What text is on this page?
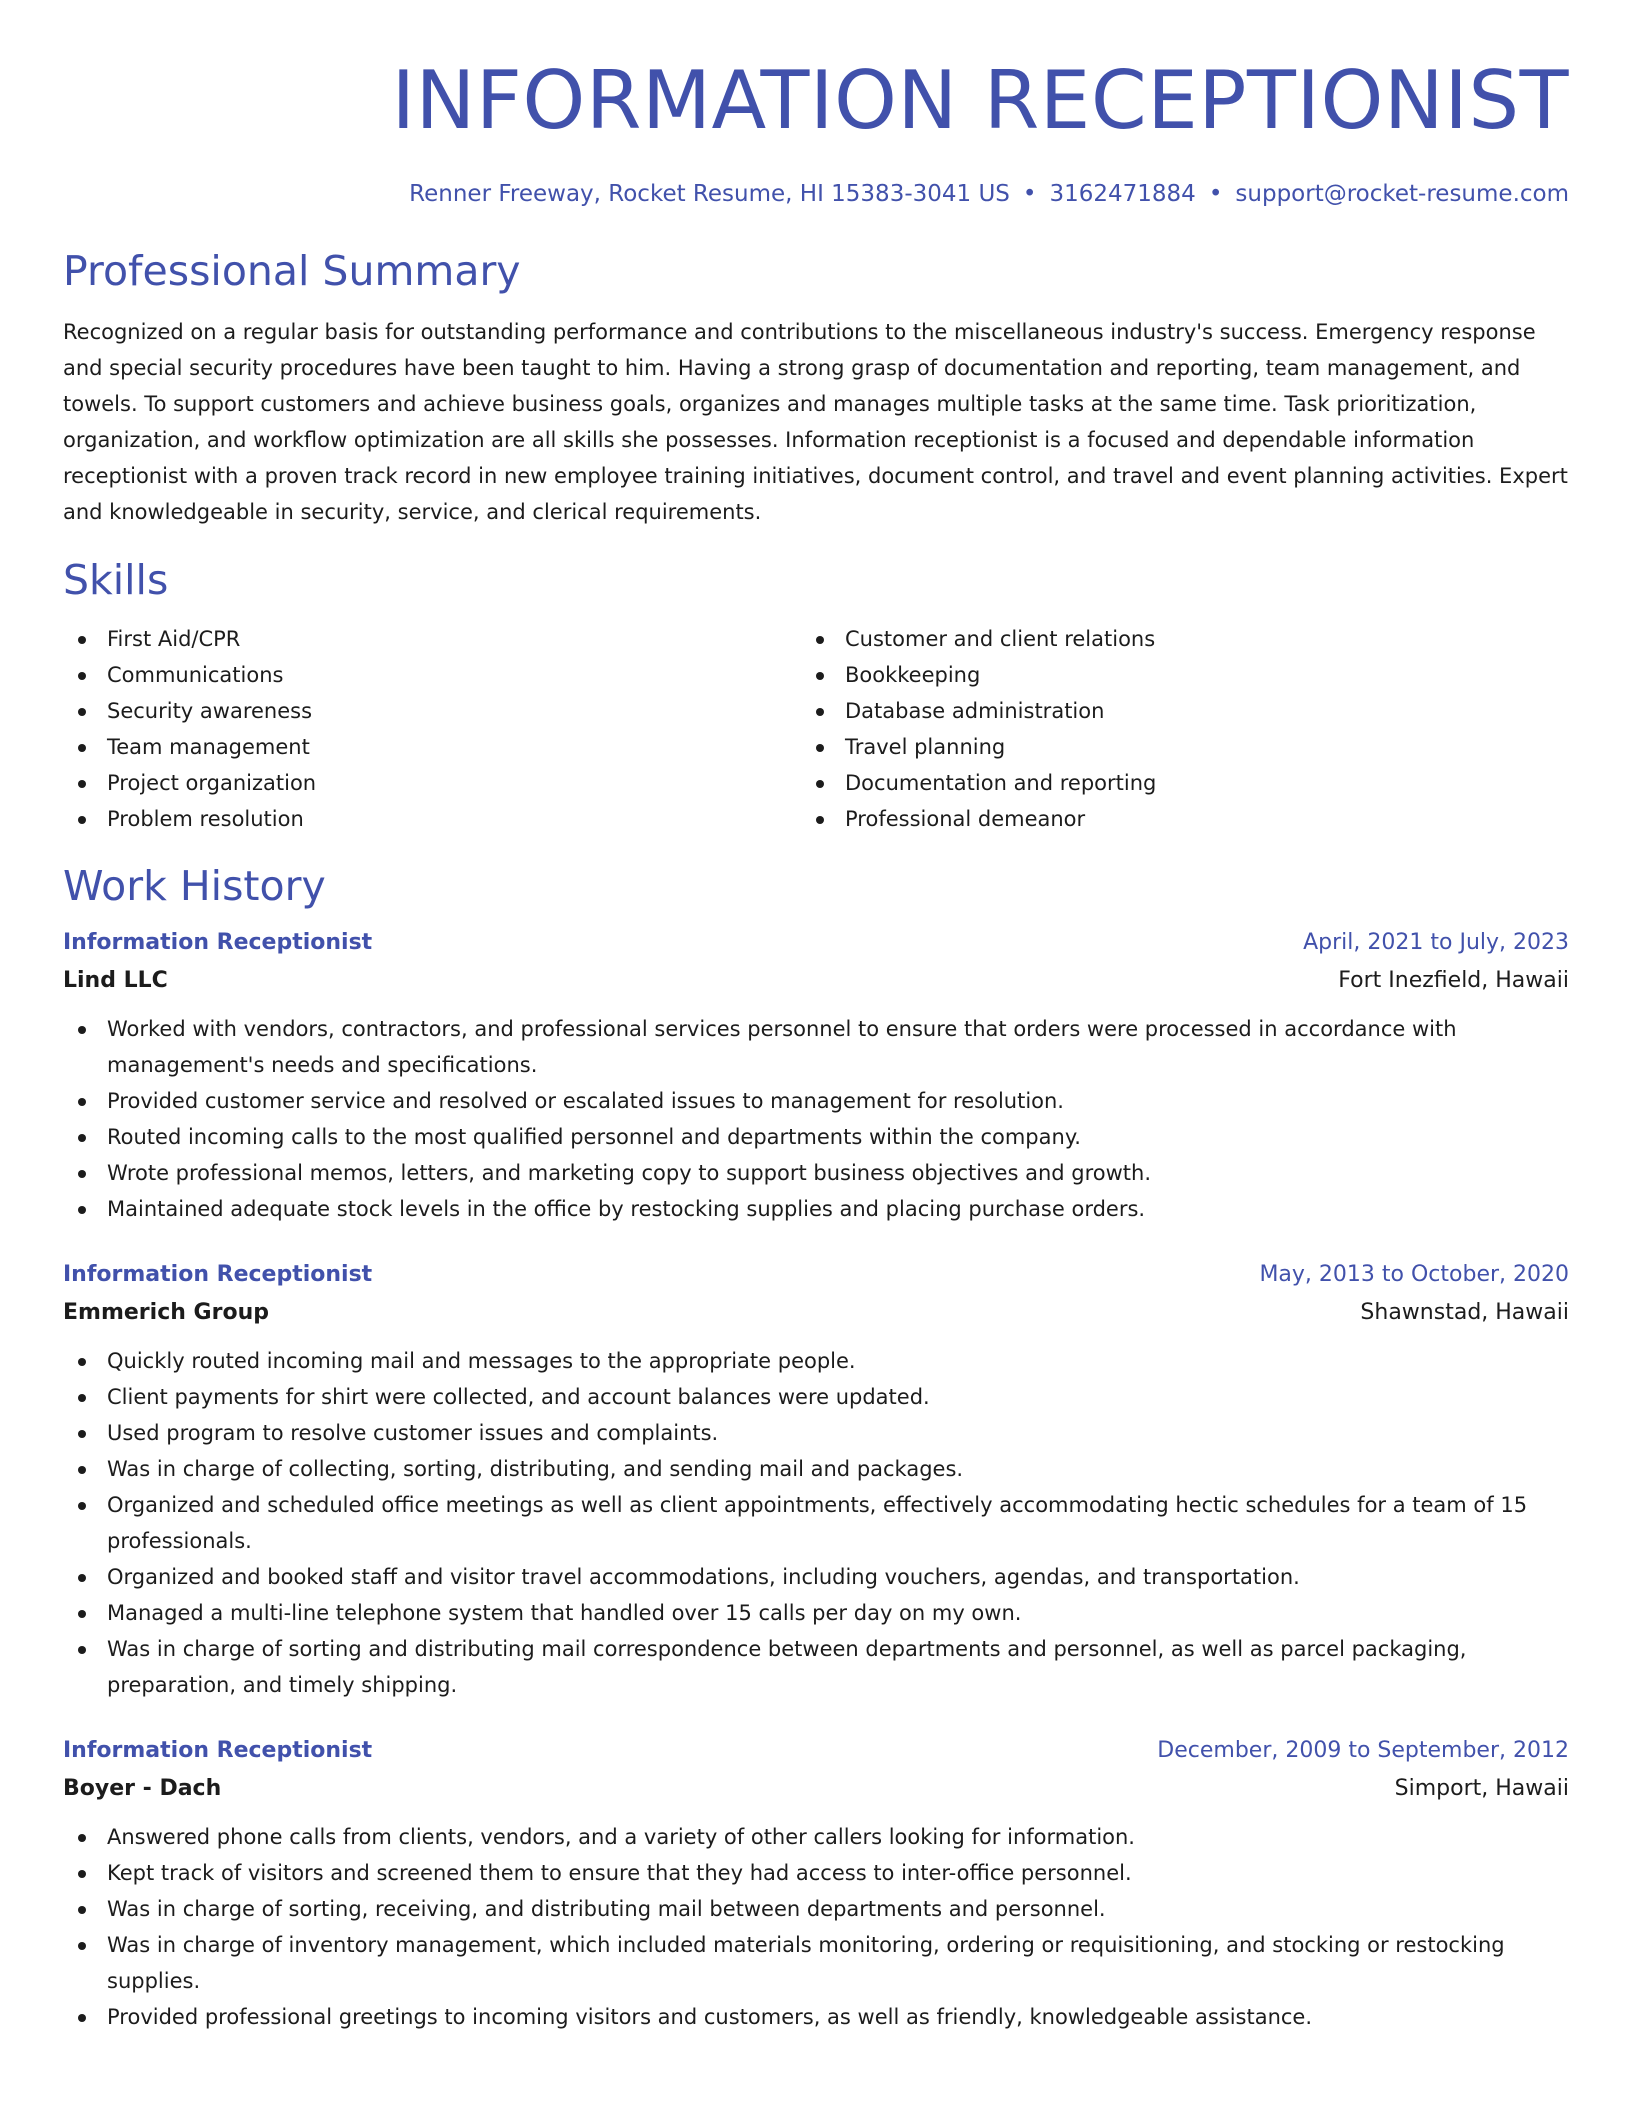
INFORMATION RECEPTIONIST
Renner Freeway, Rocket Resume, HI 15383-3041 US • 3162471884 • support@rocket-resume.com
Professional Summary

Recognized on a regular basis for outstanding performance and contributions to the miscellaneous industry's success. Emergency response and special security procedures have been taught to him. Having a strong grasp of documentation and reporting, team management, and towels. To support customers and achieve business goals, organizes and manages multiple tasks at the same time. Task prioritization, organization, and workflow optimization are all skills she possesses. Information receptionist is a focused and dependable information receptionist with a proven track record in new employee training initiatives, document control, and travel and event planning activities. Expert and knowledgeable in security, service, and clerical requirements.

Skills
First Aid/CPR
Communications
Security awareness
Team management
Project organization
Problem resolution
Customer and client relations
Bookkeeping
Database administration
Travel planning
Documentation and reporting
Professional demeanor
Work History
Information Receptionist	April, 2021 to July, 2023
Lind LLC	Fort Inezfield, Hawaii
Worked with vendors, contractors, and professional services personnel to ensure that orders were processed in accordance with management's needs and specifications.
Provided customer service and resolved or escalated issues to management for resolution.
Routed incoming calls to the most qualified personnel and departments within the company.
Wrote professional memos, letters, and marketing copy to support business objectives and growth.
Maintained adequate stock levels in the office by restocking supplies and placing purchase orders.
Information Receptionist	May, 2013 to October, 2020
Emmerich Group	Shawnstad, Hawaii
Quickly routed incoming mail and messages to the appropriate people.
Client payments for shirt were collected, and account balances were updated.
Used program to resolve customer issues and complaints.
Was in charge of collecting, sorting, distributing, and sending mail and packages.
Organized and scheduled office meetings as well as client appointments, effectively accommodating hectic schedules for a team of 15 professionals.
Organized and booked staff and visitor travel accommodations, including vouchers, agendas, and transportation.
Managed a multi-line telephone system that handled over 15 calls per day on my own.
Was in charge of sorting and distributing mail correspondence between departments and personnel, as well as parcel packaging, preparation, and timely shipping.
Information Receptionist	December, 2009 to September, 2012
Boyer - Dach	Simport, Hawaii
Answered phone calls from clients, vendors, and a variety of other callers looking for information.
Kept track of visitors and screened them to ensure that they had access to inter-office personnel.
Was in charge of sorting, receiving, and distributing mail between departments and personnel.
Was in charge of inventory management, which included materials monitoring, ordering or requisitioning, and stocking or restocking supplies.
Provided professional greetings to incoming visitors and customers, as well as friendly, knowledgeable assistance.
